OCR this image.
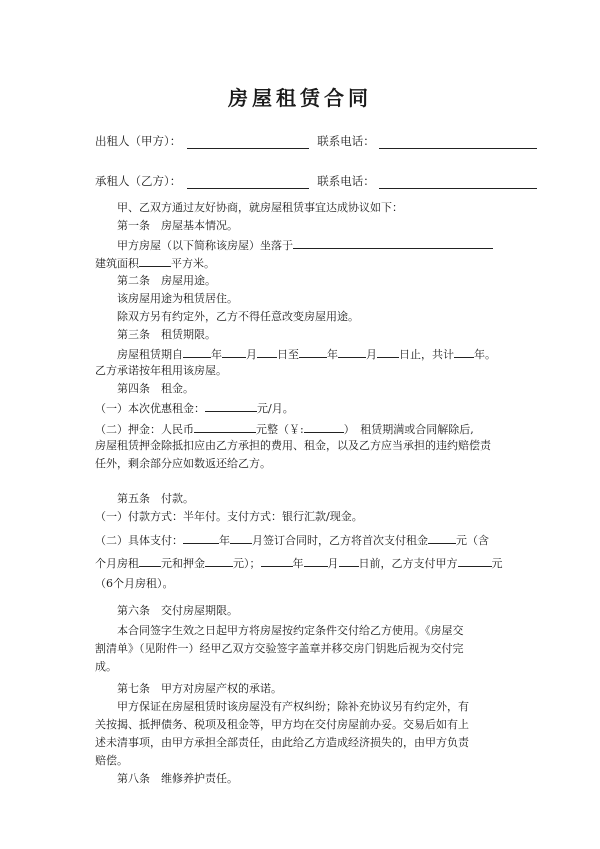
房屋租赁合同
出租人（甲方）：	联系电话：
承租人（乙方）：	联系电话：
甲、乙双方通过友好协商，就房屋租赁事宜达成协议如下：
第一条　房屋基本情况。
甲方房屋（以下简称该房屋）坐落于
建筑面积	平方米。
第二条　房屋用途。
该房屋用途为租赁居住。
除双方另有约定外，乙方不得任意改变房屋用途。
第三条　租赁期限。
房屋租赁期自	年 月 日至	年	月 日止，共计 年。
乙方承诺按年租用该房屋。
第四条　租金。
（一）本次优惠租金：	元/月。
（二）押金：人民币	元整（￥:	）　租赁期满或合同解除后,
房屋租赁押金除抵扣应由乙方承担的费用、租金，以及乙方应当承担的违约赔偿责
任外，剩余部分应如数返还给乙方。
第五条　付款。
（一）付款方式：半年付。支付方式：银行汇款/现金。
（二）具体支付：	年 月签订合同时，乙方将首次支付租金	元（含
个月房租 元和押金	元）；	年 月 日前，乙方支付甲方	元
（6个月房租）。
第六条　交付房屋期限。
本合同签字生效之日起甲方将房屋按约定条件交付给乙方使用。《房屋交
割清单》（见附件一）经甲乙双方交验签字盖章并移交房门钥匙后视为交付完
成。
第七条　甲方对房屋产权的承诺。
甲方保证在房屋租赁时该房屋没有产权纠纷；除补充协议另有约定外，有
关按揭、抵押债务、税项及租金等，甲方均在交付房屋前办妥。交易后如有上
述未清事项，由甲方承担全部责任，由此给乙方造成经济损失的，由甲方负责
赔偿。
第八条　维修养护责任。
